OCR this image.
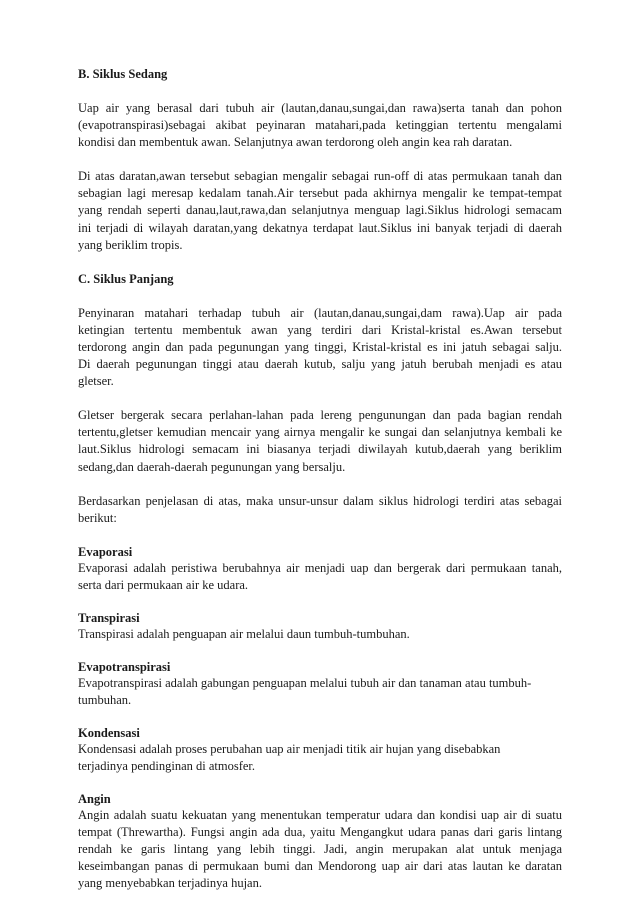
B. Siklus Sedang

Uap air yang berasal dari tubuh air (lautan,danau,sungai,dan rawa)serta tanah dan pohon
(evapotranspirasi)sebagai akibat peyinaran matahari,pada ketinggian tertentu mengalami
kondisi dan membentuk awan. Selanjutnya awan terdorong oleh angin kea rah daratan.

Di atas daratan,awan tersebut sebagian mengalir sebagai run-off di atas permukaan tanah dan
sebagian lagi meresap kedalam tanah.Air tersebut pada akhirnya mengalir ke tempat-tempat
yang rendah seperti danau,laut,rawa,dan selanjutnya menguap lagi.Siklus hidrologi semacam
ini terjadi di wilayah daratan,yang dekatnya terdapat laut.Siklus ini banyak terjadi di daerah
yang beriklim tropis.

C. Siklus Panjang

Penyinaran matahari terhadap tubuh air (lautan,danau,sungai,dam rawa).Uap air pada
ketingian tertentu membentuk awan yang terdiri dari Kristal-kristal es.Awan tersebut
terdorong angin dan pada pegunungan yang tinggi, Kristal-kristal es ini jatuh sebagai salju.
Di daerah pegunungan tinggi atau daerah kutub, salju yang jatuh berubah menjadi es atau
gletser.

Gletser bergerak secara perlahan-lahan pada lereng pengunungan dan pada bagian rendah
tertentu,gletser kemudian mencair yang airnya mengalir ke sungai dan selanjutnya kembali ke
laut.Siklus hidrologi semacam ini biasanya terjadi diwilayah kutub,daerah yang beriklim
sedang,dan daerah-daerah pegunungan yang bersalju.

Berdasarkan penjelasan di atas, maka unsur-unsur dalam siklus hidrologi terdiri atas sebagai
berikut:

Evaporasi

Evaporasi adalah peristiwa berubahnya air menjadi uap dan bergerak dari permukaan tanah,
serta dari permukaan air ke udara.

Transpirasi

Transpirasi adalah penguapan air melalui daun tumbuh-tumbuhan.

Evapotranspirasi

Evapotranspirasi adalah gabungan penguapan melalui tubuh air dan tanaman atau tumbuh-
tumbuhan.

Kondensasi

Kondensasi adalah proses perubahan uap air menjadi titik air hujan yang disebabkan
terjadinya pendinginan di atmosfer.

Angin

Angin adalah suatu kekuatan yang menentukan temperatur udara dan kondisi uap air di suatu
tempat (Threwartha). Fungsi angin ada dua, yaitu Mengangkut udara panas dari garis lintang
rendah ke garis lintang yang lebih tinggi. Jadi, angin merupakan alat untuk menjaga
keseimbangan panas di permukaan bumi dan Mendorong uap air dari atas lautan ke daratan
yang menyebabkan terjadinya hujan.
